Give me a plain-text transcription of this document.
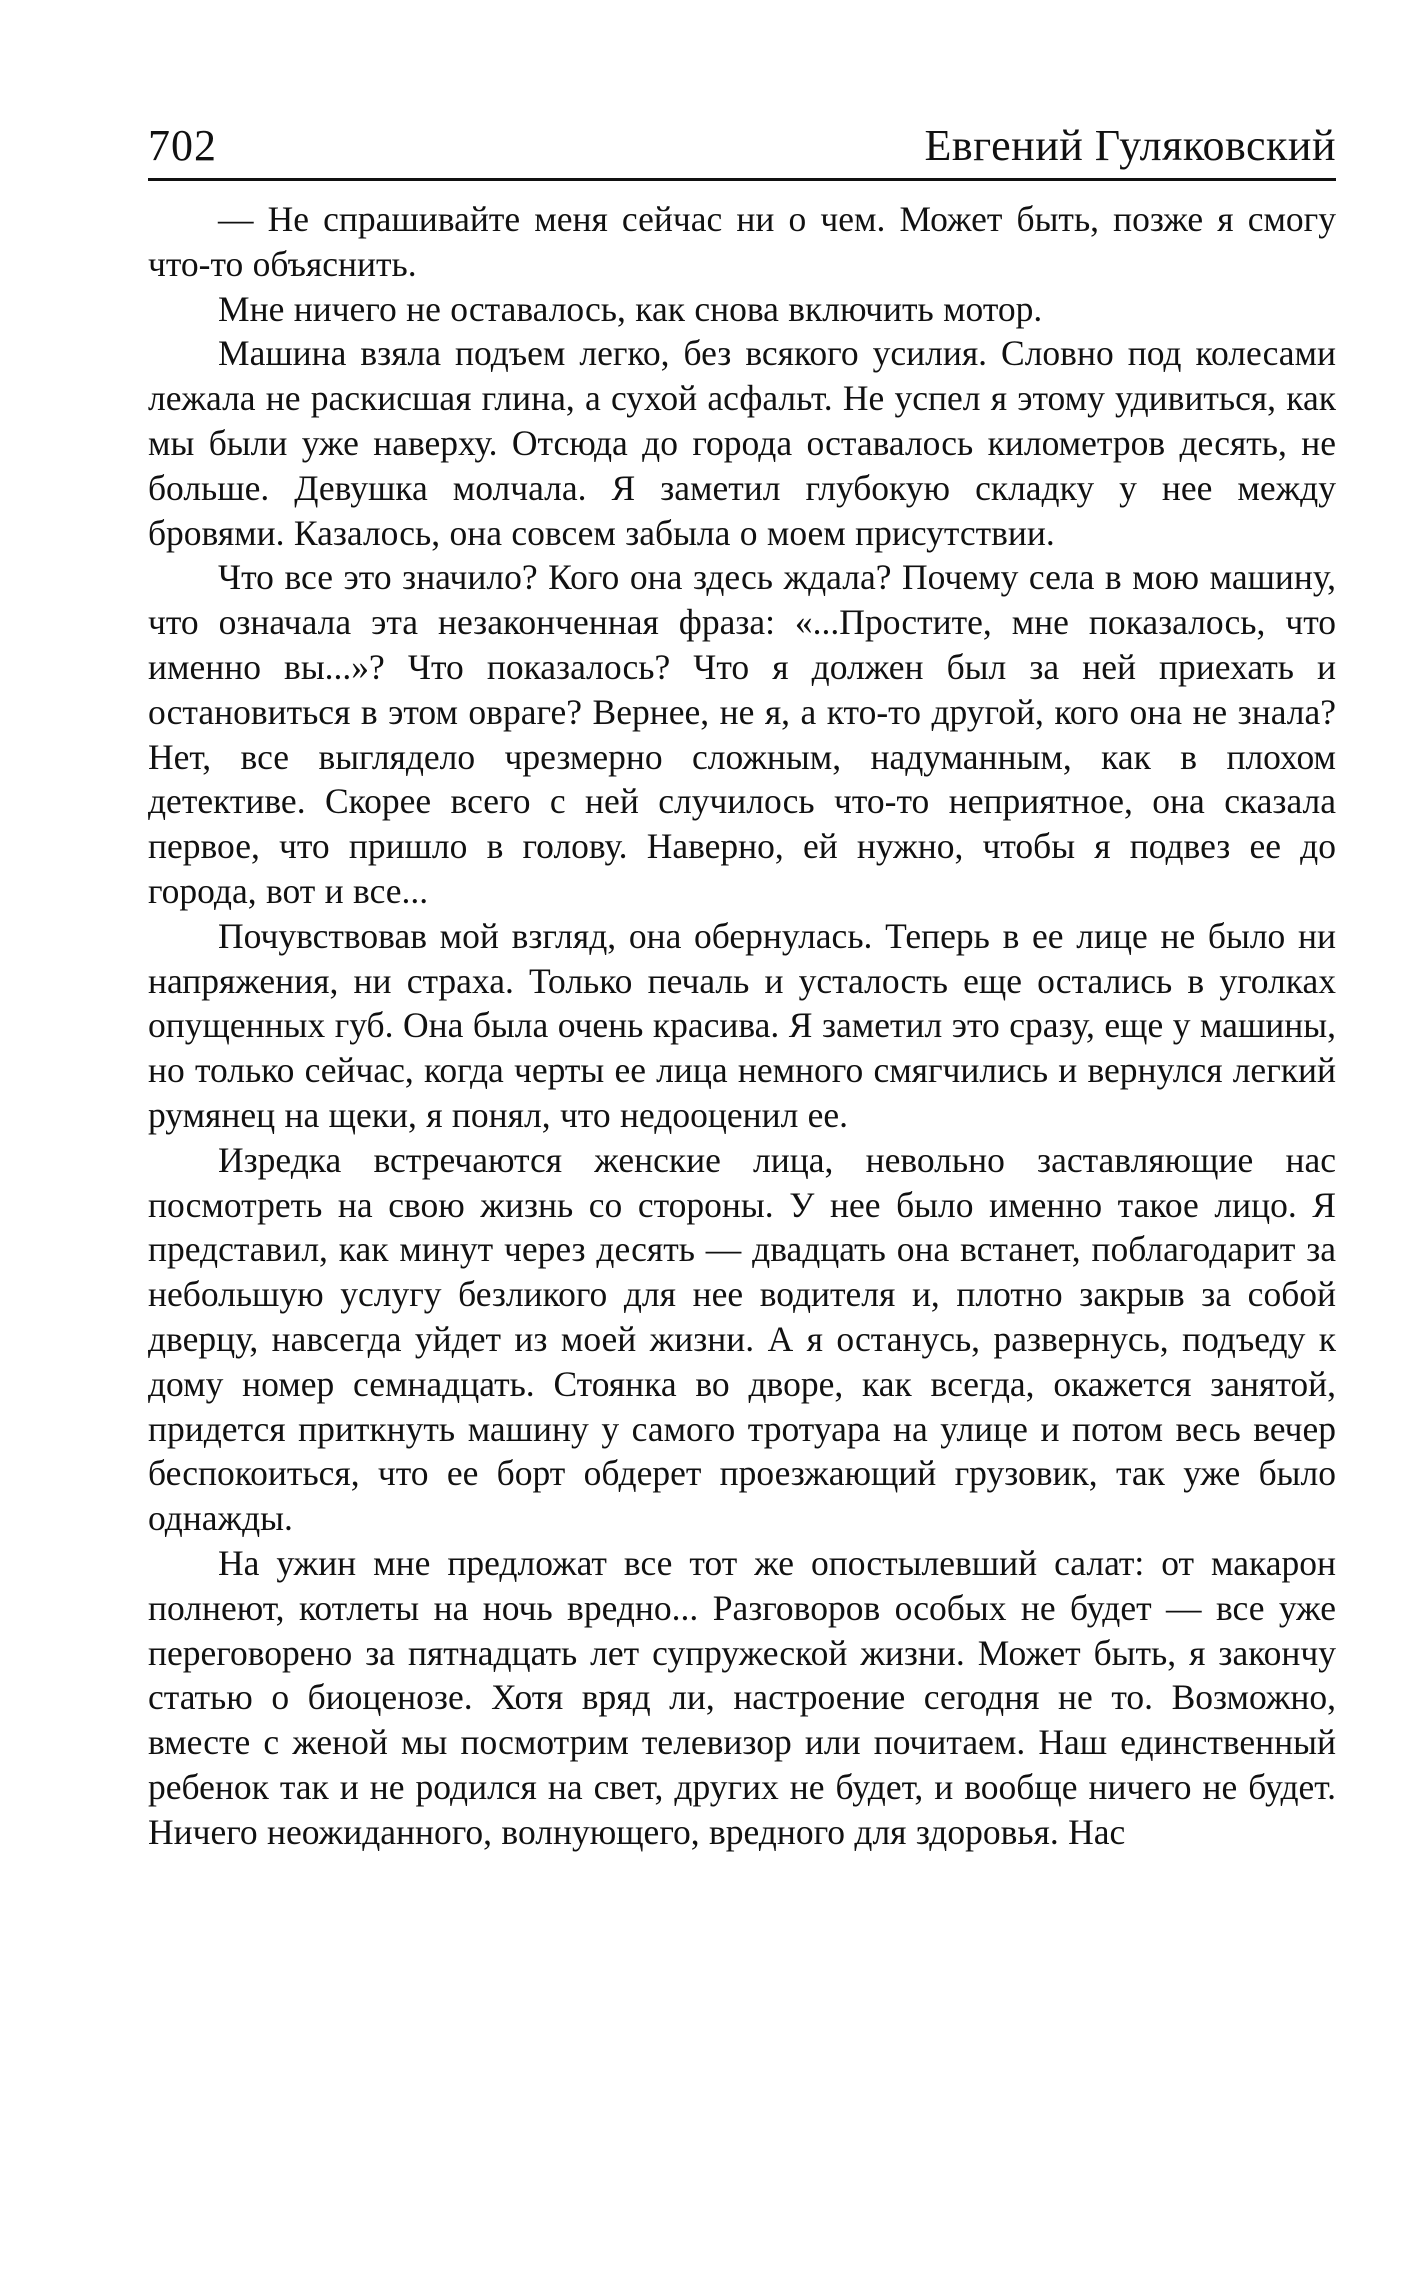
702	Евгений Гуляковский

— Не спрашивайте меня сейчас ни о чем. Может быть, позже я смогу что-то объяснить.

Мне ничего не оставалось, как снова включить мотор.

Машина взяла подъем легко, без всякого усилия. Словно под колесами лежала не раскисшая глина, а сухой асфальт. Не успел я этому удивиться, как мы были уже наверху. Отсюда до города оставалось километров десять, не больше. Девушка молчала. Я заметил глубокую складку у нее между бровями. Казалось, она совсем забыла о моем присутствии.

Что все это значило? Кого она здесь ждала? Почему села в мою машину, что означала эта незаконченная фраза: «...Простите, мне показалось, что именно вы...»? Что показалось? Что я должен был за ней приехать и остановиться в этом овраге? Вернее, не я, а кто-то другой, кого она не знала? Нет, все выглядело чрезмерно сложным, надуманным, как в плохом детективе. Скорее всего с ней случилось что-то неприятное, она сказала первое, что пришло в голову. Наверно, ей нужно, чтобы я подвез ее до города, вот и все...

Почувствовав мой взгляд, она обернулась. Теперь в ее лице не было ни напряжения, ни страха. Только печаль и усталость еще остались в уголках опущенных губ. Она была очень красива. Я заметил это сразу, еще у машины, но только сейчас, когда черты ее лица немного смягчились и вернулся легкий румянец на щеки, я понял, что недооценил ее.

Изредка встречаются женские лица, невольно заставляющие нас посмотреть на свою жизнь со стороны. У нее было именно такое лицо. Я представил, как минут через десять — двадцать она встанет, поблагодарит за небольшую услугу безликого для нее водителя и, плотно закрыв за собой дверцу, навсегда уйдет из моей жизни. А я останусь, развернусь, подъеду к дому номер семнадцать. Стоянка во дворе, как всегда, окажется занятой, придется приткнуть машину у самого тротуара на улице и потом весь вечер беспокоиться, что ее борт обдерет проезжающий грузовик, так уже было однажды.

На ужин мне предложат все тот же опостылевший салат: от макарон полнеют, котлеты на ночь вредно... Разговоров особых не будет — все уже переговорено за пятнадцать лет супружеской жизни. Может быть, я закончу статью о биоценозе. Хотя вряд ли, настроение сегодня не то. Возможно, вместе с женой мы посмотрим телевизор или почитаем. Наш единственный ребенок так и не родился на свет, других не будет, и вообще ничего не будет. Ничего неожиданного, волнующего, вредного для здоровья. Нас
